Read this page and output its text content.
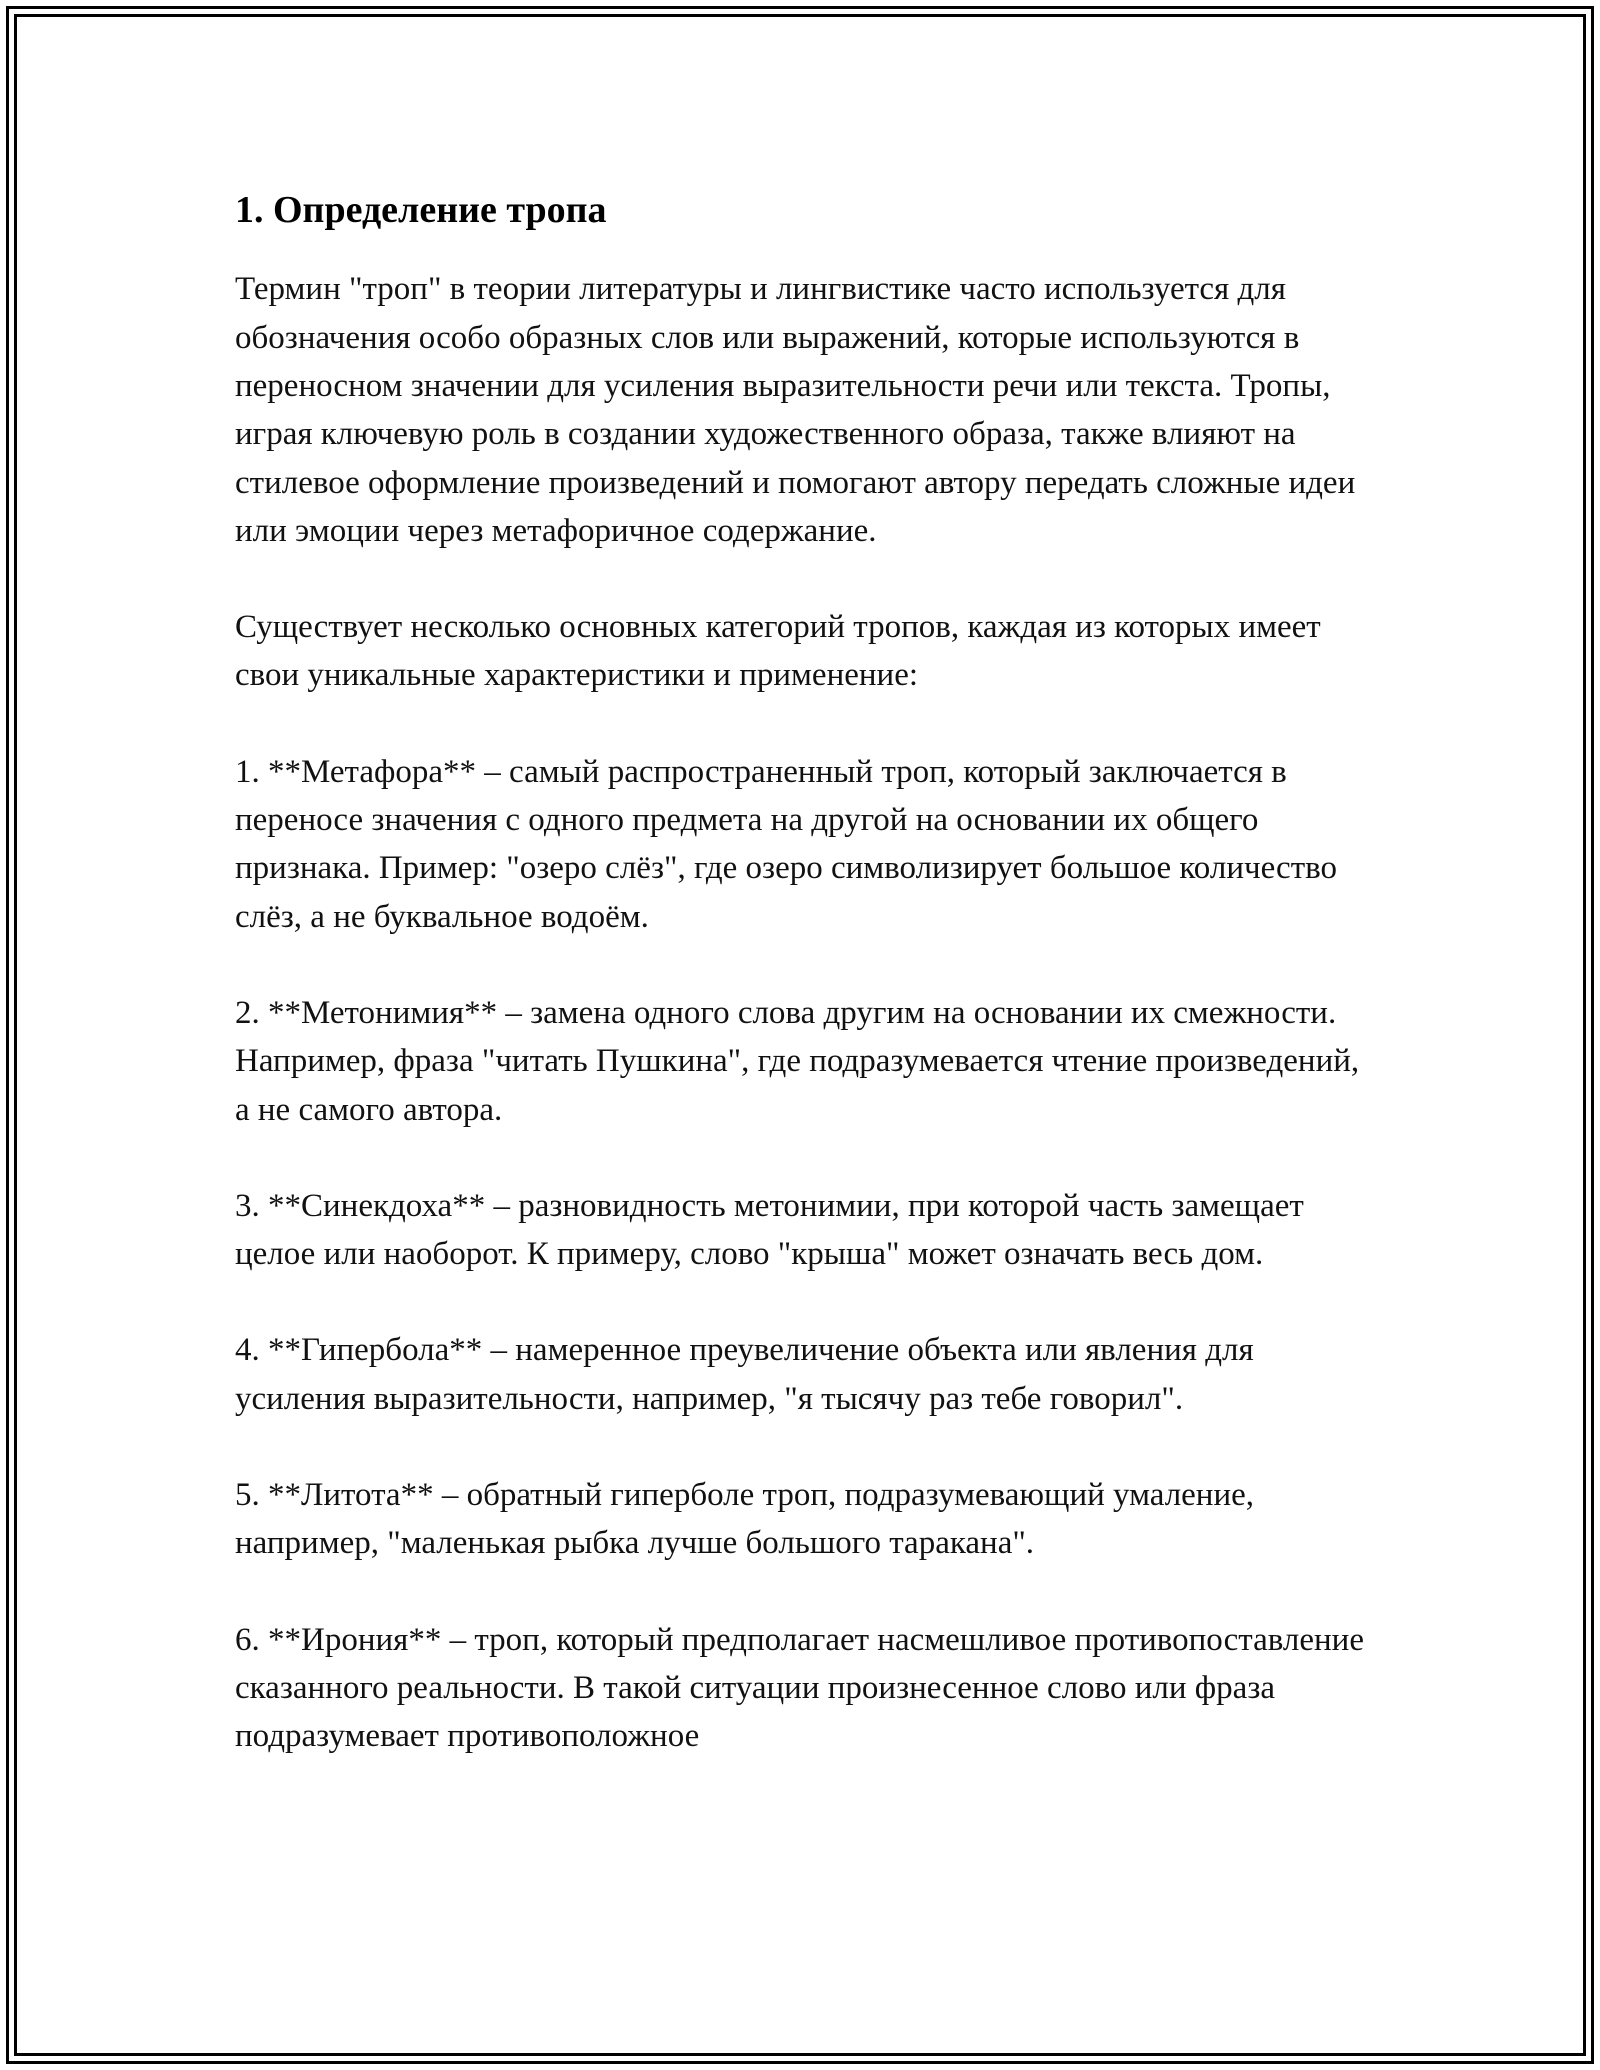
1. Определение тропа

Термин "троп" в теории литературы и лингвистике часто используется для обозначения особо образных слов или выражений, которые используются в переносном значении для усиления выразительности речи или текста. Тропы, играя ключевую роль в создании художественного образа, также влияют на стилевое оформление произведений и помогают автору передать сложные идеи или эмоции через метафоричное содержание.

Существует несколько основных категорий тропов, каждая из которых имеет свои уникальные характеристики и применение:

1. **Метафора** – самый распространенный троп, который заключается в переносе значения с одного предмета на другой на основании их общего признака. Пример: "озеро слёз", где озеро символизирует большое количество слёз, а не буквальное водоём.

2. **Метонимия** – замена одного слова другим на основании их смежности. Например, фраза "читать Пушкина", где подразумевается чтение произведений, а не самого автора.

3. **Синекдоха** – разновидность метонимии, при которой часть замещает целое или наоборот. К примеру, слово "крыша" может означать весь дом.

4. **Гипербола** – намеренное преувеличение объекта или явления для усиления выразительности, например, "я тысячу раз тебе говорил".

5. **Литота** – обратный гиперболе троп, подразумевающий умаление, например, "маленькая рыбка лучше большого таракана".

6. **Ирония** – троп, который предполагает насмешливое противопоставление сказанного реальности. В такой ситуации произнесенное слово или фраза подразумевает противоположное
